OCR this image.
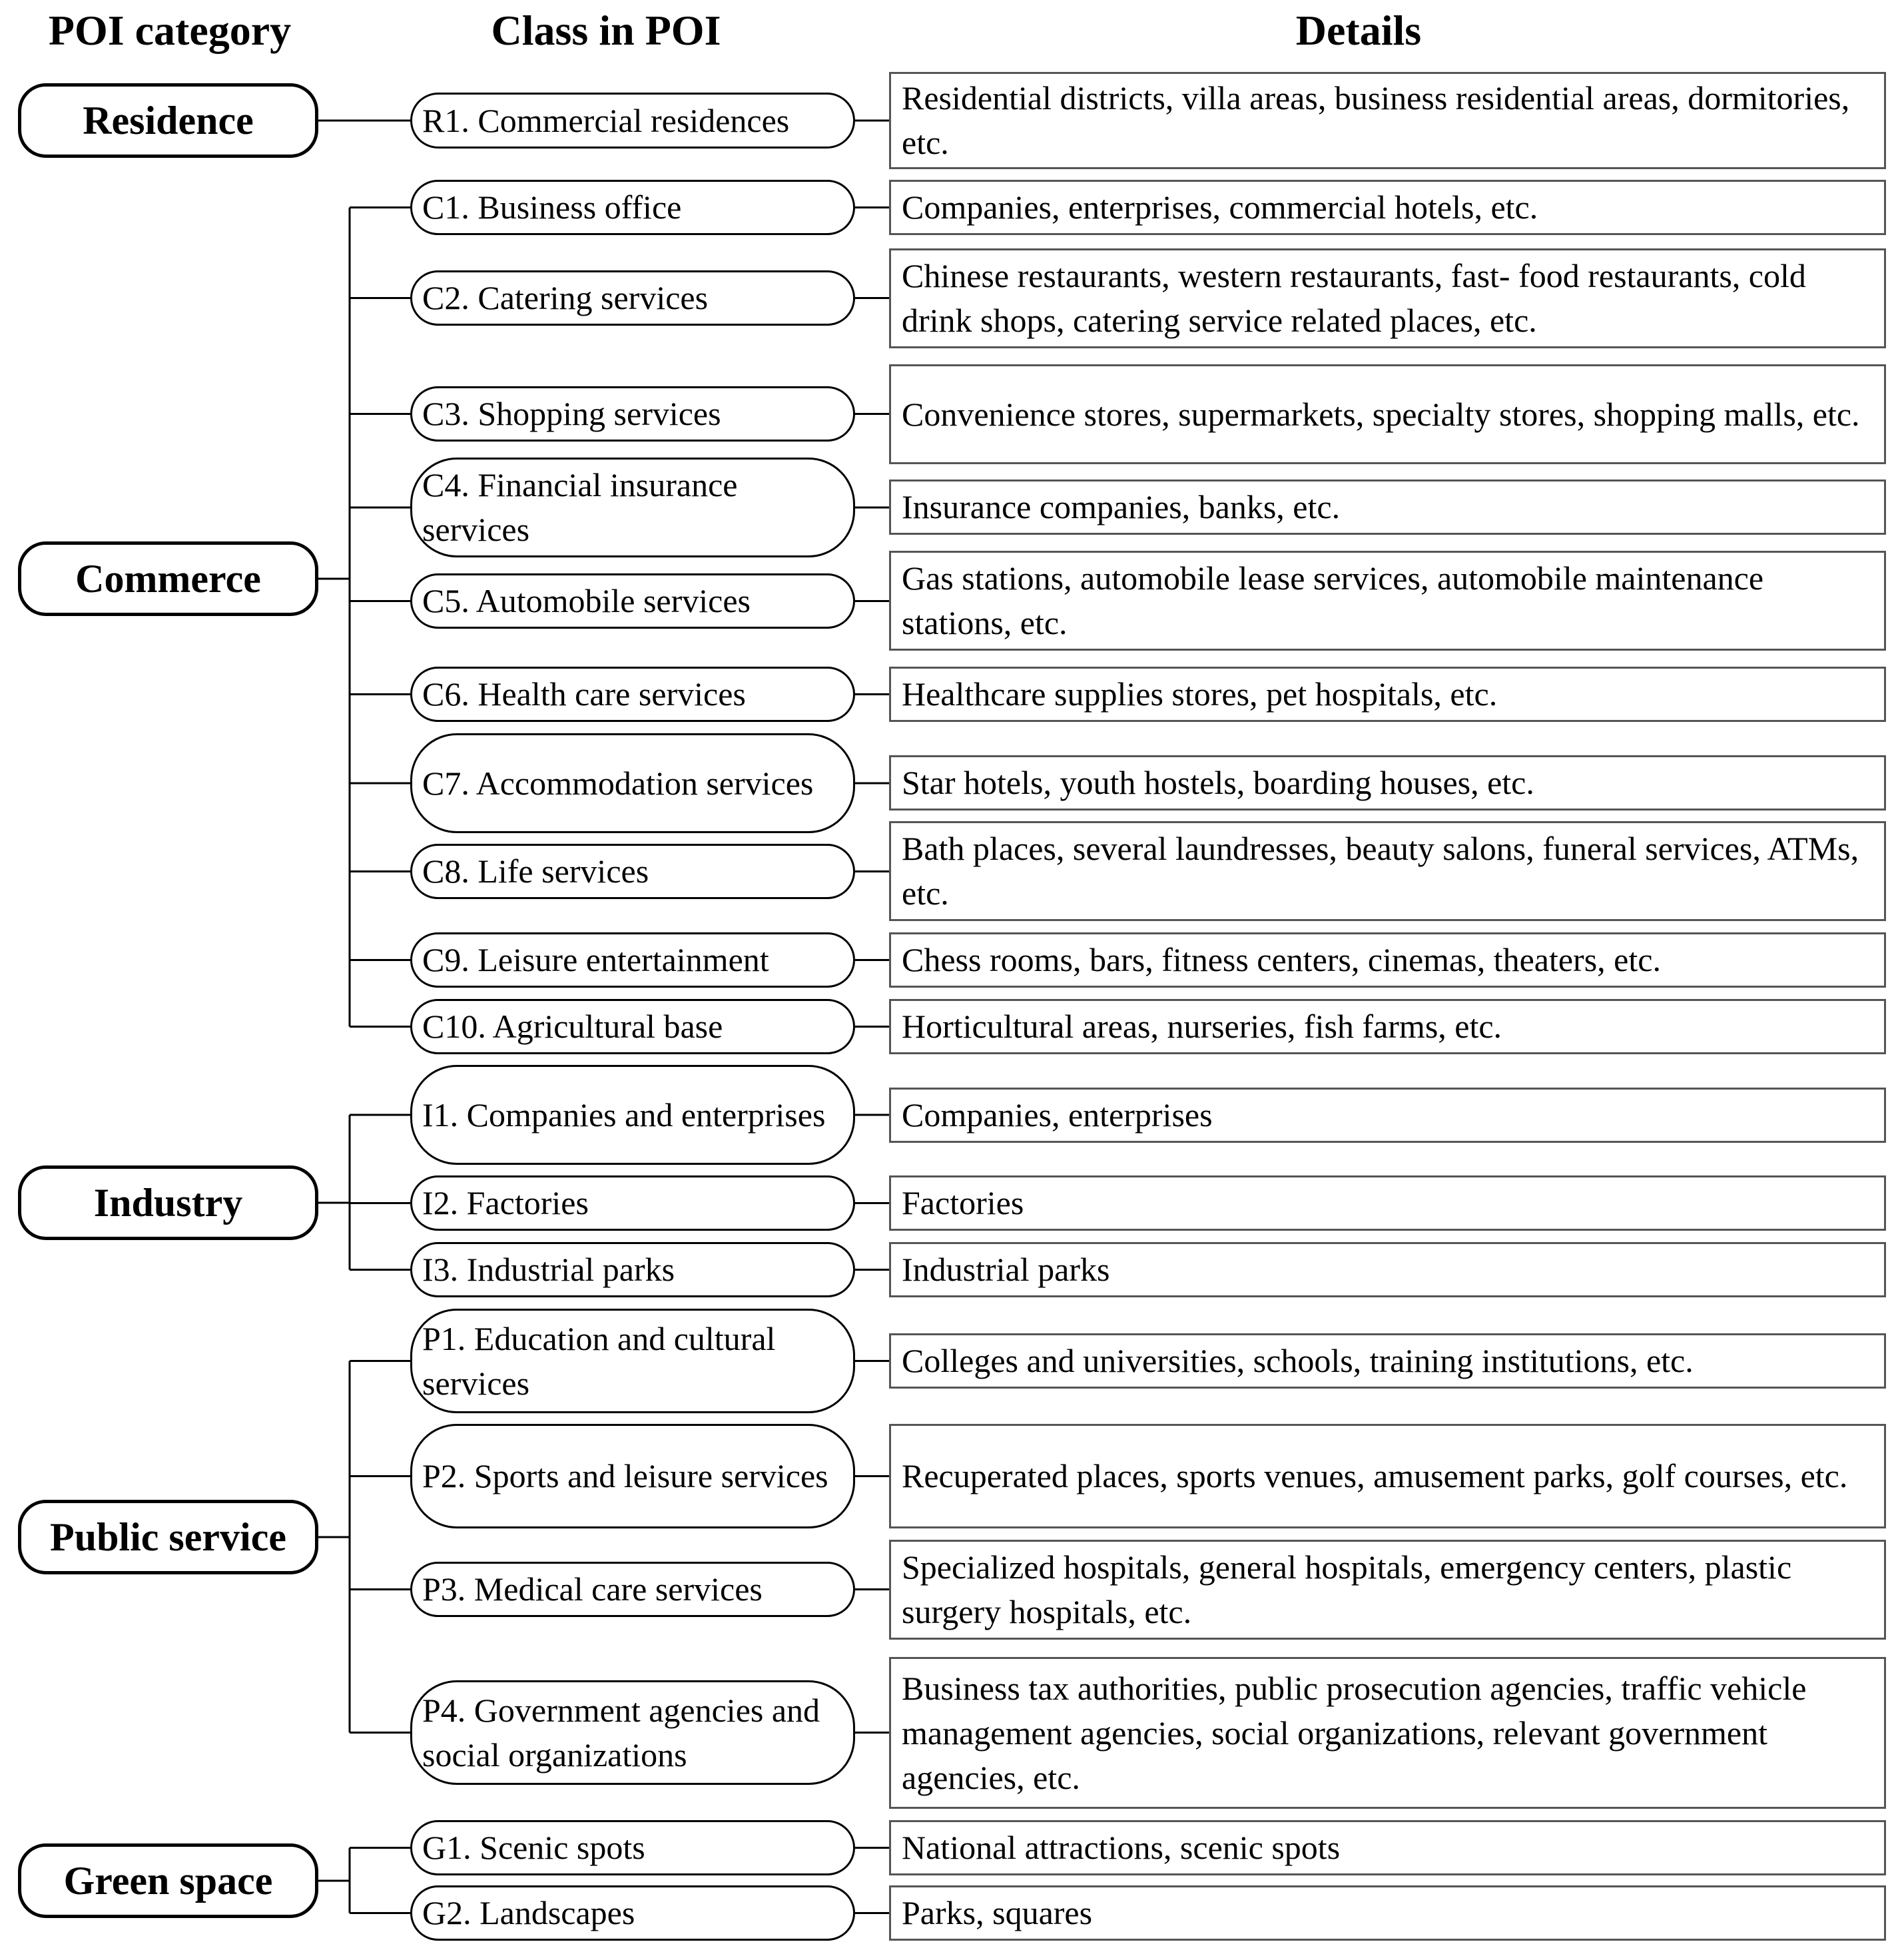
POI category	Class in POI	Details
Residence
Commerce
Industry
Public service
Green space
R1. Commercial residences
C1. Business office
C2. Catering services
C3. Shopping services
C4. Financial insurance services
C5. Automobile services
C6. Health care services
C7. Accommodation services
C8. Life services
C9. Leisure entertainment
C10. Agricultural base
I1. Companies and enterprises
I2. Factories
I3. Industrial parks
P1. Education and cultural services
P2. Sports and leisure services
P3. Medical care services
P4. Government agencies and social organizations
G1. Scenic spots
G2. Landscapes
Residential districts, villa areas, business residential areas, dormitories, etc.
Companies, enterprises, commercial hotels, etc.
Chinese restaurants, western restaurants, fast- food restaurants, cold drink shops, catering service related places, etc.
Convenience stores, supermarkets, specialty stores, shopping malls, etc.
Insurance companies, banks, etc.
Gas stations, automobile lease services, automobile maintenance stations, etc.
Healthcare supplies stores, pet hospitals, etc.
Star hotels, youth hostels, boarding houses, etc.
Bath places, several laundresses, beauty salons, funeral services, ATMs, etc.
Chess rooms, bars, fitness centers, cinemas, theaters, etc.
Horticultural areas, nurseries, fish farms, etc.
Companies, enterprises
Factories
Industrial parks
Colleges and universities, schools, training institutions, etc.
Recuperated places, sports venues, amusement parks, golf courses, etc.
Specialized hospitals, general hospitals, emergency centers, plastic surgery hospitals, etc.
Business tax authorities, public prosecution agencies, traffic vehicle management agencies, social organizations, relevant government agencies, etc.
National attractions, scenic spots
Parks, squares
